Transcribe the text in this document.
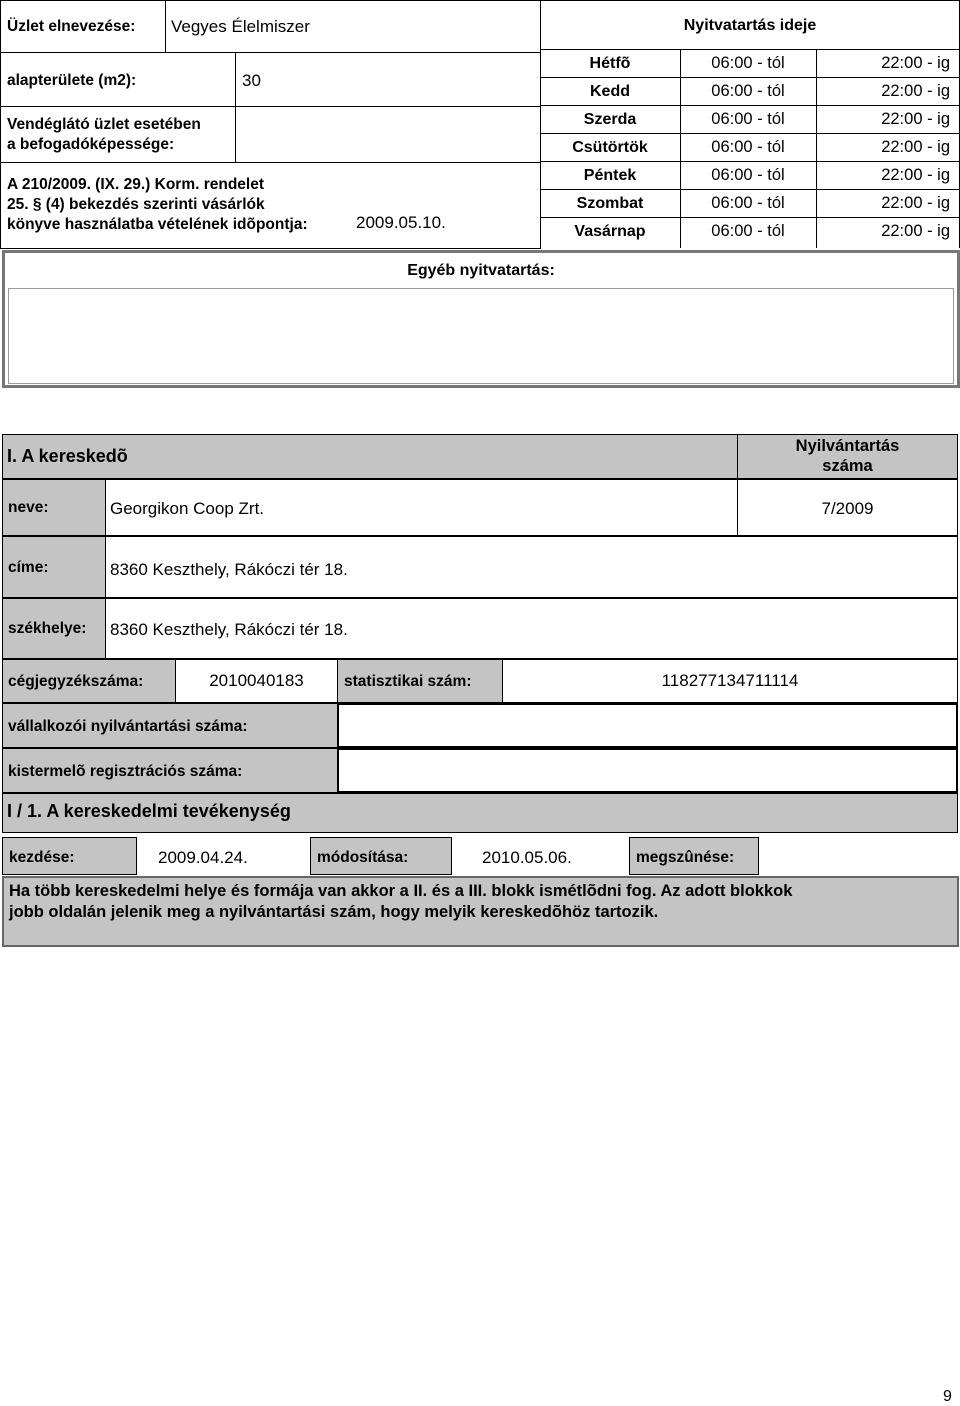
Üzlet elnevezése: Vegyes Élelmiszer
alapterülete (m2):	30
Vendéglátó üzlet esetében
a befogadóképessége:
A 210/2009. (IX. 29.) Korm. rendelet
25. § (4) bekezdés szerinti vásárlók
könyve használatba vételének idõpontja:	2009.05.10.
Nyitvatartás ideje
Hétfõ	06:00 - tól	22:00 - ig
Kedd	06:00 - tól	22:00 - ig
Szerda	06:00 - tól	22:00 - ig
Csütörtök	06:00 - tól	22:00 - ig
Péntek	06:00 - tól	22:00 - ig
Szombat	06:00 - tól	22:00 - ig
Vasárnap	06:00 - tól	22:00 - ig
Egyéb nyitvatartás:
I. A kereskedõ	Nyilvántartás
száma
neve:	Georgikon Coop Zrt.	7/2009
címe:	8360 Keszthely, Rákóczi tér 18.
székhelye: 8360 Keszthely, Rákóczi tér 18.
cégjegyzékszáma:	2010040183	statisztikai szám:	118277134711114
vállalkozói nyilvántartási száma:
kistermelõ regisztrációs száma:
I / 1. A kereskedelmi tevékenység
kezdése:	2009.04.24.	módosítása:	2010.05.06.	megszûnése:
Ha több kereskedelmi helye és formája van akkor a II. és a III. blokk ismétlõdni fog. Az adott blokkok jobb oldalán jelenik meg a nyilvántartási szám, hogy melyik kereskedõhöz tartozik.
9
